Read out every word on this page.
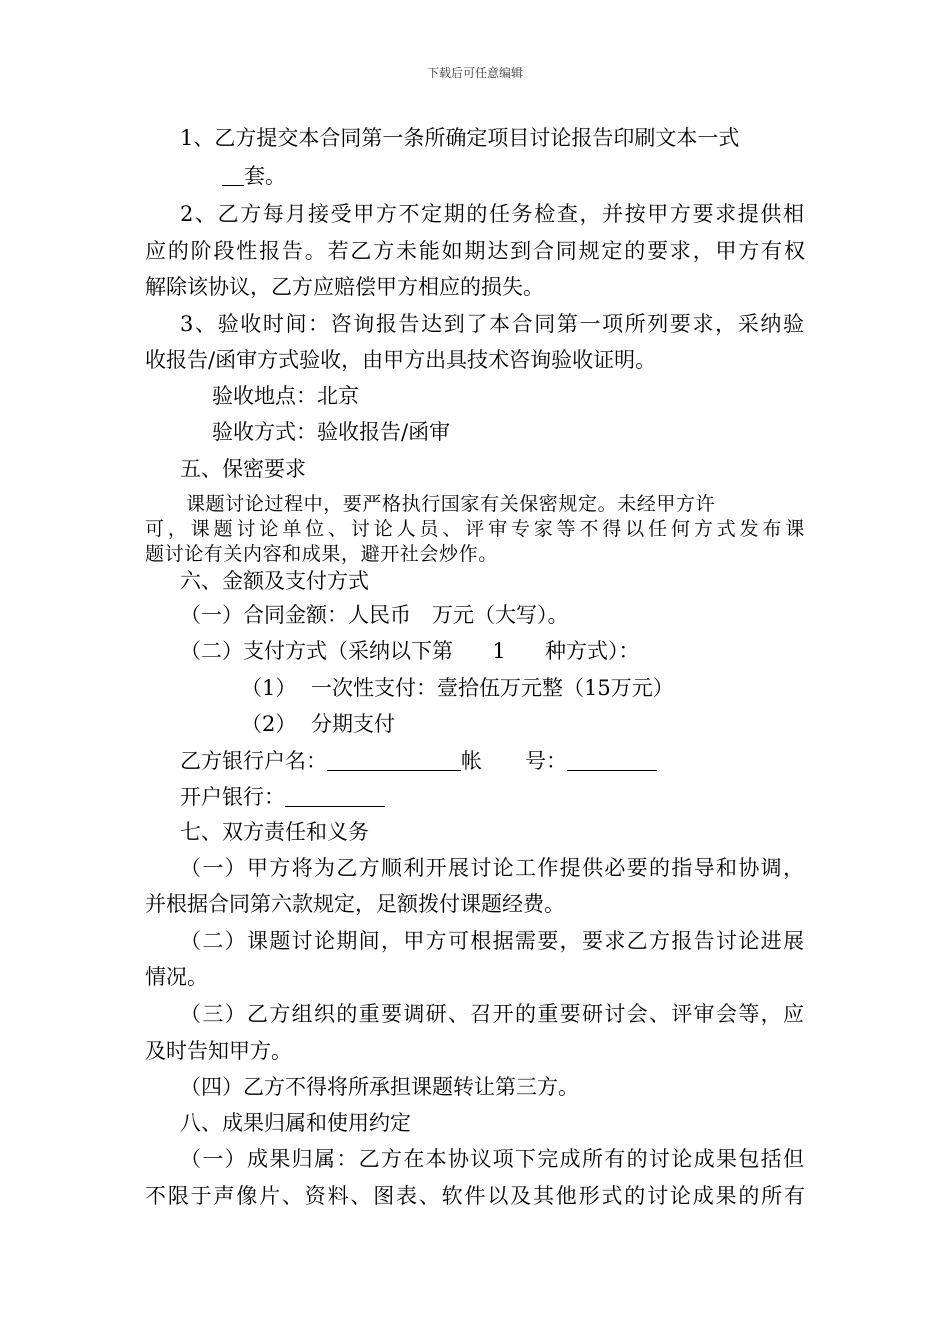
下载后可任意编辑
1、乙方提交本合同第一条所确定项目讨论报告印刷文本一式
套。
2、乙方每月接受甲方不定期的任务检查，并按甲方要求提供相
应的阶段性报告。若乙方未能如期达到合同规定的要求，甲方有权
解除该协议，乙方应赔偿甲方相应的损失。
3、验收时间：咨询报告达到了本合同第一项所列要求，采纳验
收报告/函审方式验收，由甲方出具技术咨询验收证明。
验收地点：北京
验收方式：验收报告/函审
五、保密要求
课题讨论过程中，要严格执行国家有关保密规定。未经甲方许
可，课题讨论单位、讨论人员、评审专家等不得以任何方式发布课
题讨论有关内容和成果，避开社会炒作。
六、金额及支付方式
（一）合同金额：人民币　万元（大写）。
（二）支付方式（采纳以下第 1 种方式）：
（1） 一次性支付：壹拾伍万元整（15万元）
（2） 分期支付
乙方银行户名：	帐 号：
开户银行：
七、双方责任和义务
（一）甲方将为乙方顺利开展讨论工作提供必要的指导和协调，
并根据合同第六款规定，足额拨付课题经费。
（二）课题讨论期间，甲方可根据需要，要求乙方报告讨论进展
情况。
（三）乙方组织的重要调研、召开的重要研讨会、评审会等，应
及时告知甲方。
（四）乙方不得将所承担课题转让第三方。
八、成果归属和使用约定
（一）成果归属：乙方在本协议项下完成所有的讨论成果包括但
不限于声像片、资料、图表、软件以及其他形式的讨论成果的所有
